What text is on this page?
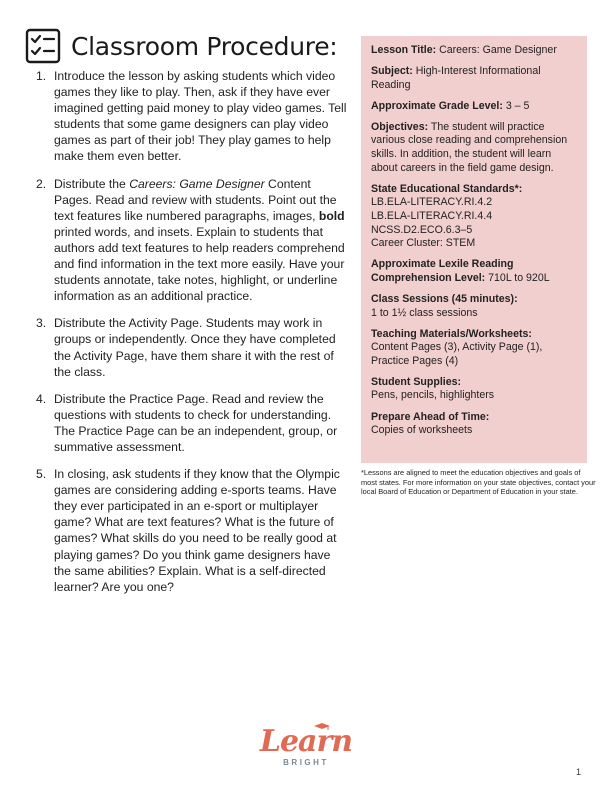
Classroom Procedure:
1. Introduce the lesson by asking students which video games they like to play. Then, ask if they have ever imagined getting paid money to play video games. Tell students that some game designers can play video games as part of their job! They play games to help make them even better.
2. Distribute the Careers: Game Designer Content Pages. Read and review with students. Point out the text features like numbered paragraphs, images, bold printed words, and insets. Explain to students that authors add text features to help readers comprehend and find information in the text more easily. Have your students annotate, take notes, highlight, or underline information as an additional practice.
3. Distribute the Activity Page. Students may work in groups or independently. Once they have completed the Activity Page, have them share it with the rest of the class.
4. Distribute the Practice Page. Read and review the questions with students to check for understanding. The Practice Page can be an independent, group, or summative assessment.
5. In closing, ask students if they know that the Olympic games are considering adding e-sports teams. Have they ever participated in an e-sport or multiplayer game? What are text features? What is the future of games? What skills do you need to be really good at playing games? Do you think game designers have the same abilities? Explain. What is a self-directed learner? Are you one?

Lesson Title: Careers: Game Designer

Subject: High-Interest Informational Reading

Approximate Grade Level: 3 – 5

Objectives: The student will practice various close reading and comprehension skills. In addition, the student will learn about careers in the field game design.

State Educational Standards*:
LB.ELA-LITERACY.RI.4.2
LB.ELA-LITERACY.RI.4.4
NCSS.D2.ECO.6.3–5
Career Cluster: STEM

Approximate Lexile Reading Comprehension Level: 710L to 920L

Class Sessions (45 minutes):
1 to 1½ class sessions
Teaching Materials/Worksheets:
Content Pages (3), Activity Page (1), Practice Pages (4)
Student Supplies:
Pens, pencils, highlighters
Prepare Ahead of Time:
Copies of worksheets

*Lessons are aligned to meet the education objectives and goals of most states. For more information on your state objectives, contact your local Board of Education or Department of Education in your state.

Learn
BRIGHT
1
